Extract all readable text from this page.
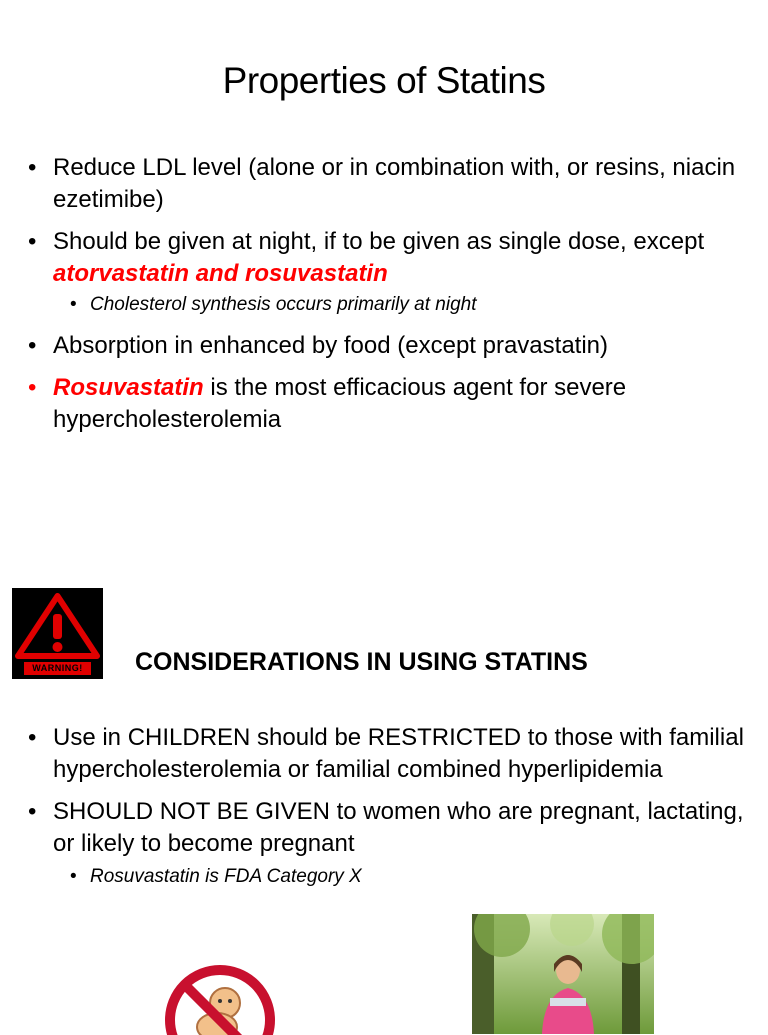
Properties of Statins
• Reduce LDL level (alone or in combination with, or resins, niacin ezetimibe)
• Should be given at night, if to be given as single dose, except atorvastatin and rosuvastatin
• Cholesterol synthesis occurs primarily at night
• Absorption in enhanced by food (except pravastatin)
• Rosuvastatin is the most efficacious agent for severe hypercholesterolemia
WARNING!	CONSIDERATIONS IN USING STATINS
• Use in CHILDREN should be RESTRICTED to those with familial hypercholesterolemia or familial combined hyperlipidemia
• SHOULD NOT BE GIVEN to women who are pregnant, lactating, or likely to become pregnant
• Rosuvastatin is FDA Category X
